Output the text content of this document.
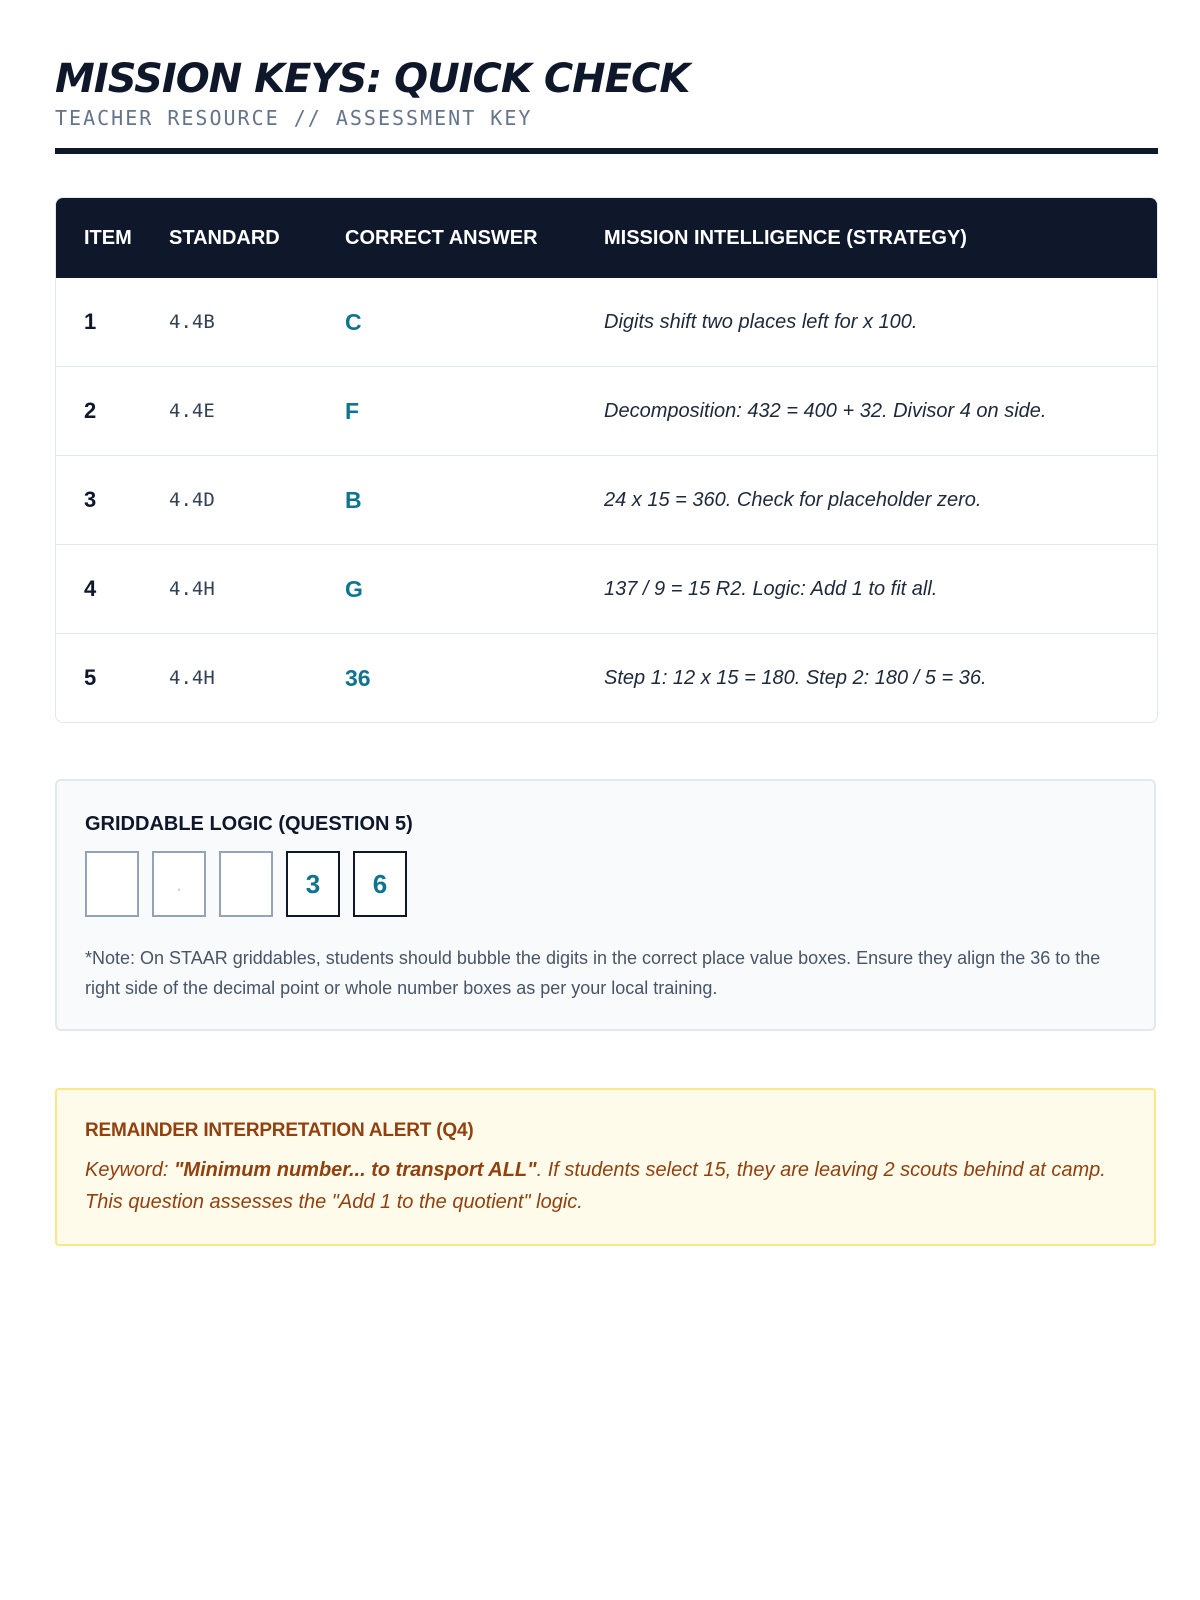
MISSION KEYS: QUICK CHECK
TEACHER RESOURCE // ASSESSMENT KEY
ITEM	STANDARD	CORRECT ANSWER	MISSION INTELLIGENCE (STRATEGY)
1	4.4B	C	Digits shift two places left for x 100.
2	4.4E	F	Decomposition: 432 = 400 + 32. Divisor 4 on side.
3	4.4D	B	24 x 15 = 360. Check for placeholder zero.
4	4.4H	G	137 / 9 = 15 R2. Logic: Add 1 to fit all.
5	4.4H	36	Step 1: 12 x 15 = 180. Step 2: 180 / 5 = 36.
GRIDDABLE LOGIC (QUESTION 5)
.	3	6
*Note: On STAAR griddables, students should bubble the digits in the correct place value boxes. Ensure they align the 36 to the right side of the decimal point or whole number boxes as per your local training.
REMAINDER INTERPRETATION ALERT (Q4)
Keyword: "Minimum number... to transport ALL". If students select 15, they are leaving 2 scouts behind at camp. This question assesses the "Add 1 to the quotient" logic.
